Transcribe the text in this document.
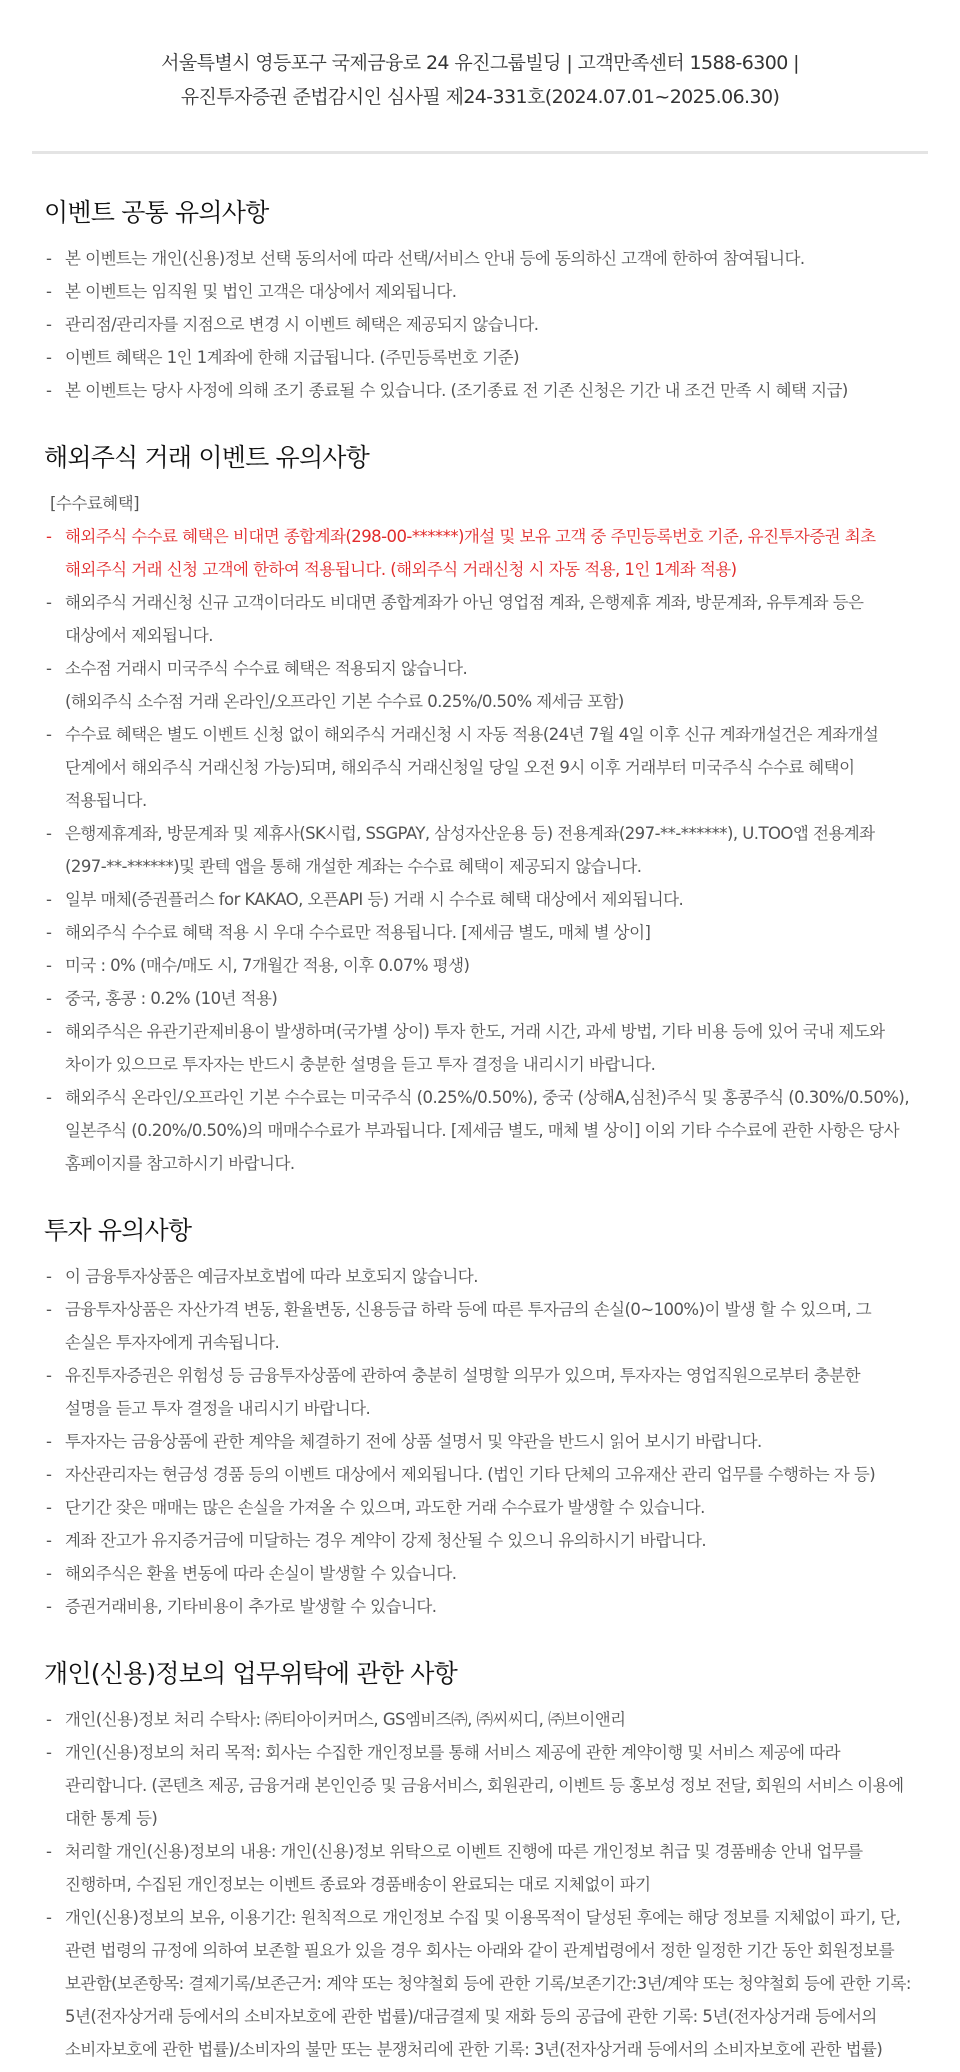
서울특별시 영등포구 국제금융로 24 유진그룹빌딩 | 고객만족센터 1588-6300 |
유진투자증권 준법감시인 심사필 제24-331호(2024.07.01~2025.06.30)
이벤트 공통 유의사항
- 본 이벤트는 개인(신용)정보 선택 동의서에 따라 선택/서비스 안내 등에 동의하신 고객에 한하여 참여됩니다.
- 본 이벤트는 임직원 및 법인 고객은 대상에서 제외됩니다.
- 관리점/관리자를 지점으로 변경 시 이벤트 혜택은 제공되지 않습니다.
- 이벤트 혜택은 1인 1계좌에 한해 지급됩니다. (주민등록번호 기준)
- 본 이벤트는 당사 사정에 의해 조기 종료될 수 있습니다. (조기종료 전 기존 신청은 기간 내 조건 만족 시 혜택 지급)
해외주식 거래 이벤트 유의사항
[수수료혜택]
- 해외주식 수수료 혜택은 비대면 종합계좌(298-00-******)개설 및 보유 고객 중 주민등록번호 기준, 유진투자증권 최초
해외주식 거래 신청 고객에 한하여 적용됩니다. (해외주식 거래신청 시 자동 적용, 1인 1계좌 적용)
- 해외주식 거래신청 신규 고객이더라도 비대면 종합계좌가 아닌 영업점 계좌, 은행제휴 계좌, 방문계좌, 유투계좌 등은
대상에서 제외됩니다.
- 소수점 거래시 미국주식 수수료 혜택은 적용되지 않습니다.
(해외주식 소수점 거래 온라인/오프라인 기본 수수료 0.25%/0.50% 제세금 포함)
- 수수료 혜택은 별도 이벤트 신청 없이 해외주식 거래신청 시 자동 적용(24년 7월 4일 이후 신규 계좌개설건은 계좌개설
단계에서 해외주식 거래신청 가능)되며, 해외주식 거래신청일 당일 오전 9시 이후 거래부터 미국주식 수수료 혜택이
적용됩니다.
- 은행제휴계좌, 방문계좌 및 제휴사(SK시럽, SSGPAY, 삼성자산운용 등) 전용계좌(297-**-******), U.TOO앱 전용계좌
(297-**-******)및 콴텍 앱을 통해 개설한 계좌는 수수료 혜택이 제공되지 않습니다.
- 일부 매체(증권플러스 for KAKAO, 오픈API 등) 거래 시 수수료 혜택 대상에서 제외됩니다.
- 해외주식 수수료 혜택 적용 시 우대 수수료만 적용됩니다. [제세금 별도, 매체 별 상이]
- 미국 : 0% (매수/매도 시, 7개월간 적용, 이후 0.07% 평생)
- 중국, 홍콩 : 0.2% (10년 적용)
- 해외주식은 유관기관제비용이 발생하며(국가별 상이) 투자 한도, 거래 시간, 과세 방법, 기타 비용 등에 있어 국내 제도와
차이가 있으므로 투자자는 반드시 충분한 설명을 듣고 투자 결정을 내리시기 바랍니다.
- 해외주식 온라인/오프라인 기본 수수료는 미국주식 (0.25%/0.50%), 중국 (상해A,심천)주식 및 홍콩주식 (0.30%/0.50%),
일본주식 (0.20%/0.50%)의 매매수수료가 부과됩니다. [제세금 별도, 매체 별 상이] 이외 기타 수수료에 관한 사항은 당사
홈페이지를 참고하시기 바랍니다.
투자 유의사항
- 이 금융투자상품은 예금자보호법에 따라 보호되지 않습니다.
- 금융투자상품은 자산가격 변동, 환율변동, 신용등급 하락 등에 따른 투자금의 손실(0~100%)이 발생 할 수 있으며, 그
손실은 투자자에게 귀속됩니다.
- 유진투자증권은 위험성 등 금융투자상품에 관하여 충분히 설명할 의무가 있으며, 투자자는 영업직원으로부터 충분한
설명을 듣고 투자 결정을 내리시기 바랍니다.
- 투자자는 금융상품에 관한 계약을 체결하기 전에 상품 설명서 및 약관을 반드시 읽어 보시기 바랍니다.
- 자산관리자는 현금성 경품 등의 이벤트 대상에서 제외됩니다. (법인 기타 단체의 고유재산 관리 업무를 수행하는 자 등)
- 단기간 잦은 매매는 많은 손실을 가져올 수 있으며, 과도한 거래 수수료가 발생할 수 있습니다.
- 계좌 잔고가 유지증거금에 미달하는 경우 계약이 강제 청산될 수 있으니 유의하시기 바랍니다.
- 해외주식은 환율 변동에 따라 손실이 발생할 수 있습니다.
- 증권거래비용, 기타비용이 추가로 발생할 수 있습니다.
개인(신용)정보의 업무위탁에 관한 사항
- 개인(신용)정보 처리 수탁사: ㈜티아이커머스, GS엠비즈㈜, ㈜씨씨디, ㈜브이앤리
- 개인(신용)정보의 처리 목적: 회사는 수집한 개인정보를 통해 서비스 제공에 관한 계약이행 및 서비스 제공에 따라
관리합니다. (콘텐츠 제공, 금융거래 본인인증 및 금융서비스, 회원관리, 이벤트 등 홍보성 정보 전달, 회원의 서비스 이용에
대한 통계 등)
- 처리할 개인(신용)정보의 내용: 개인(신용)정보 위탁으로 이벤트 진행에 따른 개인정보 취급 및 경품배송 안내 업무를
진행하며, 수집된 개인정보는 이벤트 종료와 경품배송이 완료되는 대로 지체없이 파기
- 개인(신용)정보의 보유, 이용기간: 원칙적으로 개인정보 수집 및 이용목적이 달성된 후에는 해당 정보를 지체없이 파기, 단,
관련 법령의 규정에 의하여 보존할 필요가 있을 경우 회사는 아래와 같이 관계법령에서 정한 일정한 기간 동안 회원정보를
보관함(보존항목: 결제기록/보존근거: 계약 또는 청약철회 등에 관한 기록/보존기간:3년/계약 또는 청약철회 등에 관한 기록:
5년(전자상거래 등에서의 소비자보호에 관한 법률)/대금결제 및 재화 등의 공급에 관한 기록: 5년(전자상거래 등에서의
소비자보호에 관한 법률)/소비자의 불만 또는 분쟁처리에 관한 기록: 3년(전자상거래 등에서의 소비자보호에 관한 법률)
